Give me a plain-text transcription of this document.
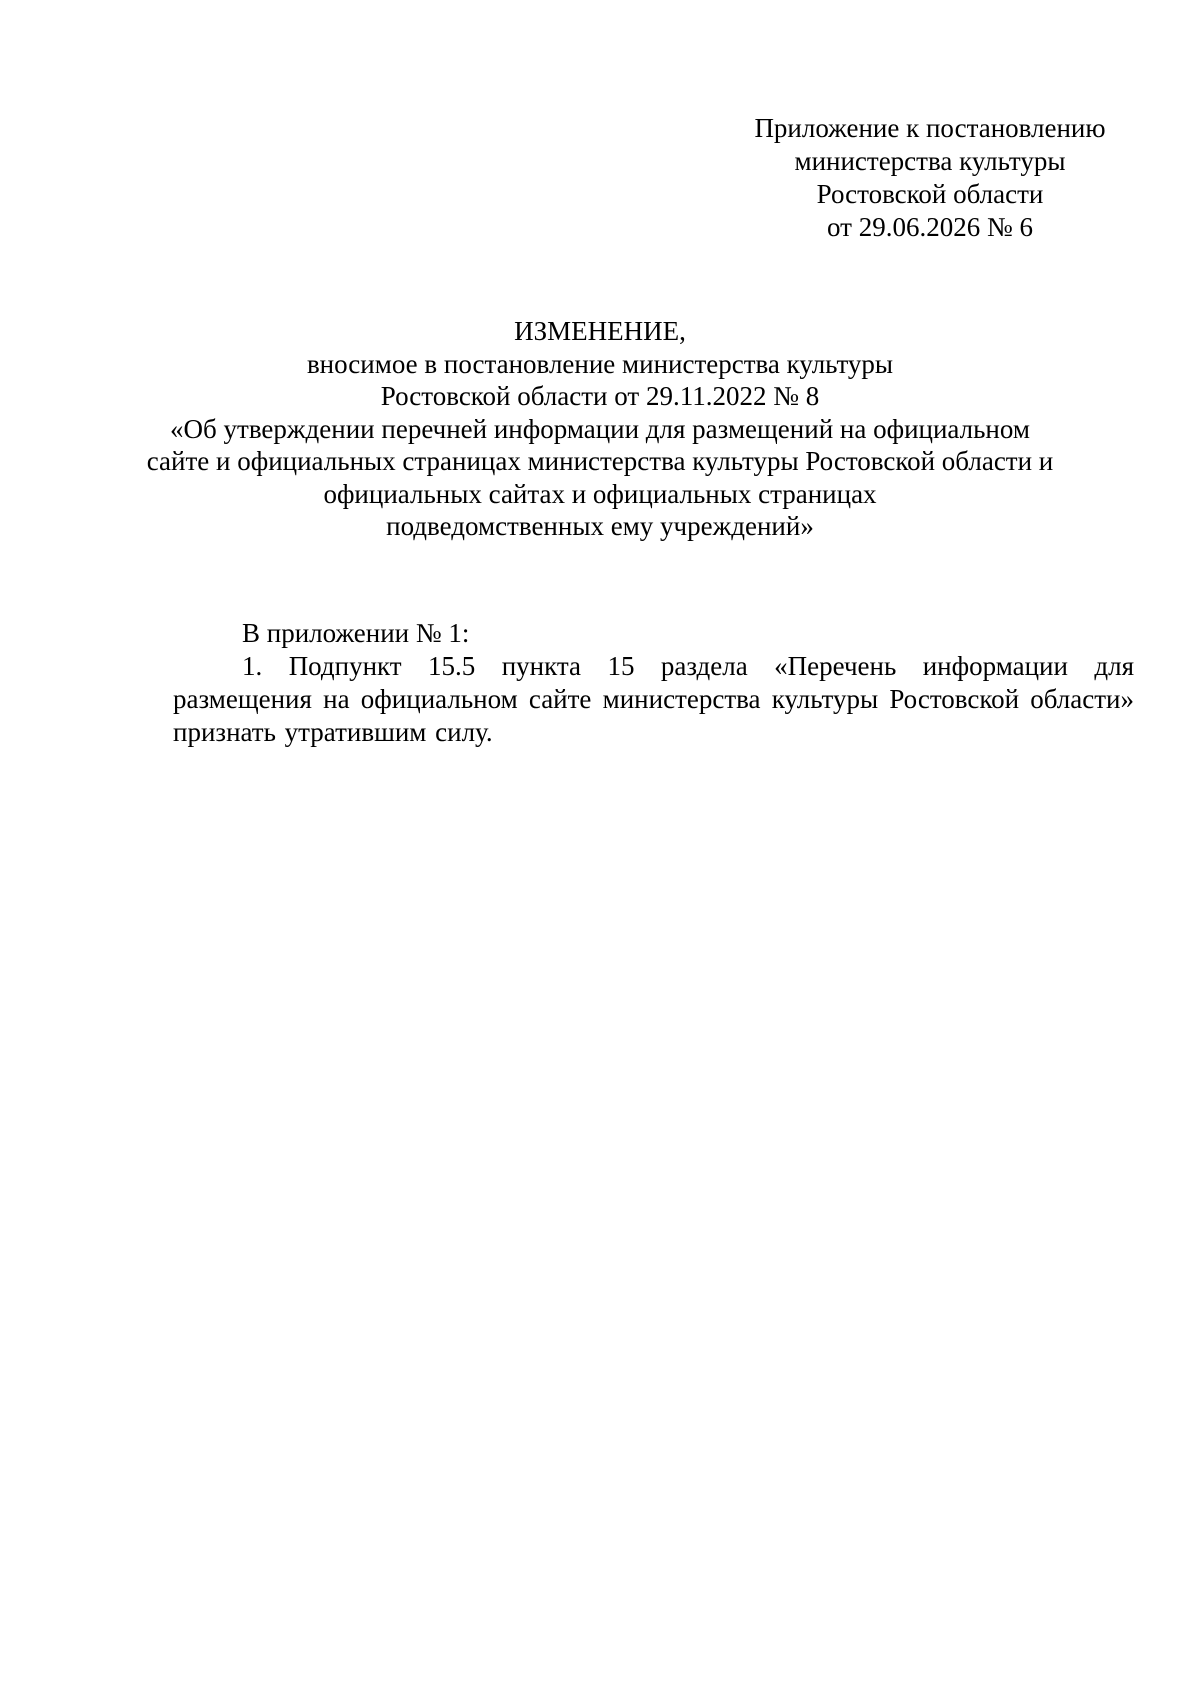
Приложение к постановлению
министерства культуры
Ростовской области
от 29.06.2026 № 6
ИЗМЕНЕНИЕ,
вносимое в постановление министерства культуры
Ростовской области от 29.11.2022 № 8
«Об утверждении перечней информации для размещений на официальном
сайте и официальных страницах министерства культуры Ростовской области и
официальных сайтах и официальных страницах
подведомственных ему учреждений»
В приложении № 1:

1. Подпункт 15.5 пункта 15 раздела «Перечень информации для размещения на официальном сайте министерства культуры Ростовской области» признать утратившим силу.
